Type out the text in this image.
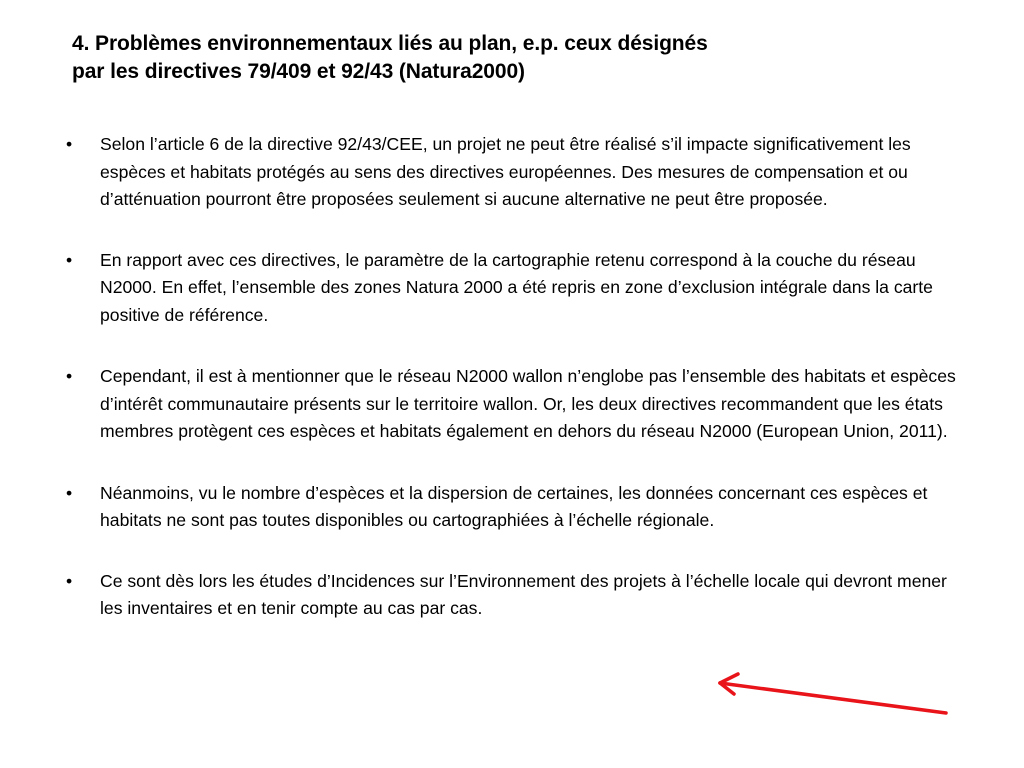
4. Problèmes environnementaux liés au plan, e.p. ceux désignés
par les directives 79/409 et 92/43 (Natura2000)
•	Selon l’article 6 de la directive 92/43/CEE, un projet ne peut être réalisé s’il impacte significativement les espèces et habitats protégés au sens des directives européennes. Des mesures de compensation et ou d’atténuation pourront être proposées seulement si aucune alternative ne peut être proposée.
•	En rapport avec ces directives, le paramètre de la cartographie retenu correspond à la couche du réseau N2000. En effet, l’ensemble des zones Natura 2000 a été repris en zone d’exclusion intégrale dans la carte positive de référence.
•	Cependant, il est à mentionner que le réseau N2000 wallon n’englobe pas l’ensemble des habitats et espèces d’intérêt communautaire présents sur le territoire wallon. Or, les deux directives recommandent que les états membres protègent ces espèces et habitats également en dehors du réseau N2000 (European Union, 2011).
•	Néanmoins, vu le nombre d’espèces et la dispersion de certaines, les données concernant ces espèces et habitats ne sont pas toutes disponibles ou cartographiées à l’échelle régionale.
•	Ce sont dès lors les études d’Incidences sur l’Environnement des projets à l’échelle locale qui devront mener les inventaires et en tenir compte au cas par cas.
